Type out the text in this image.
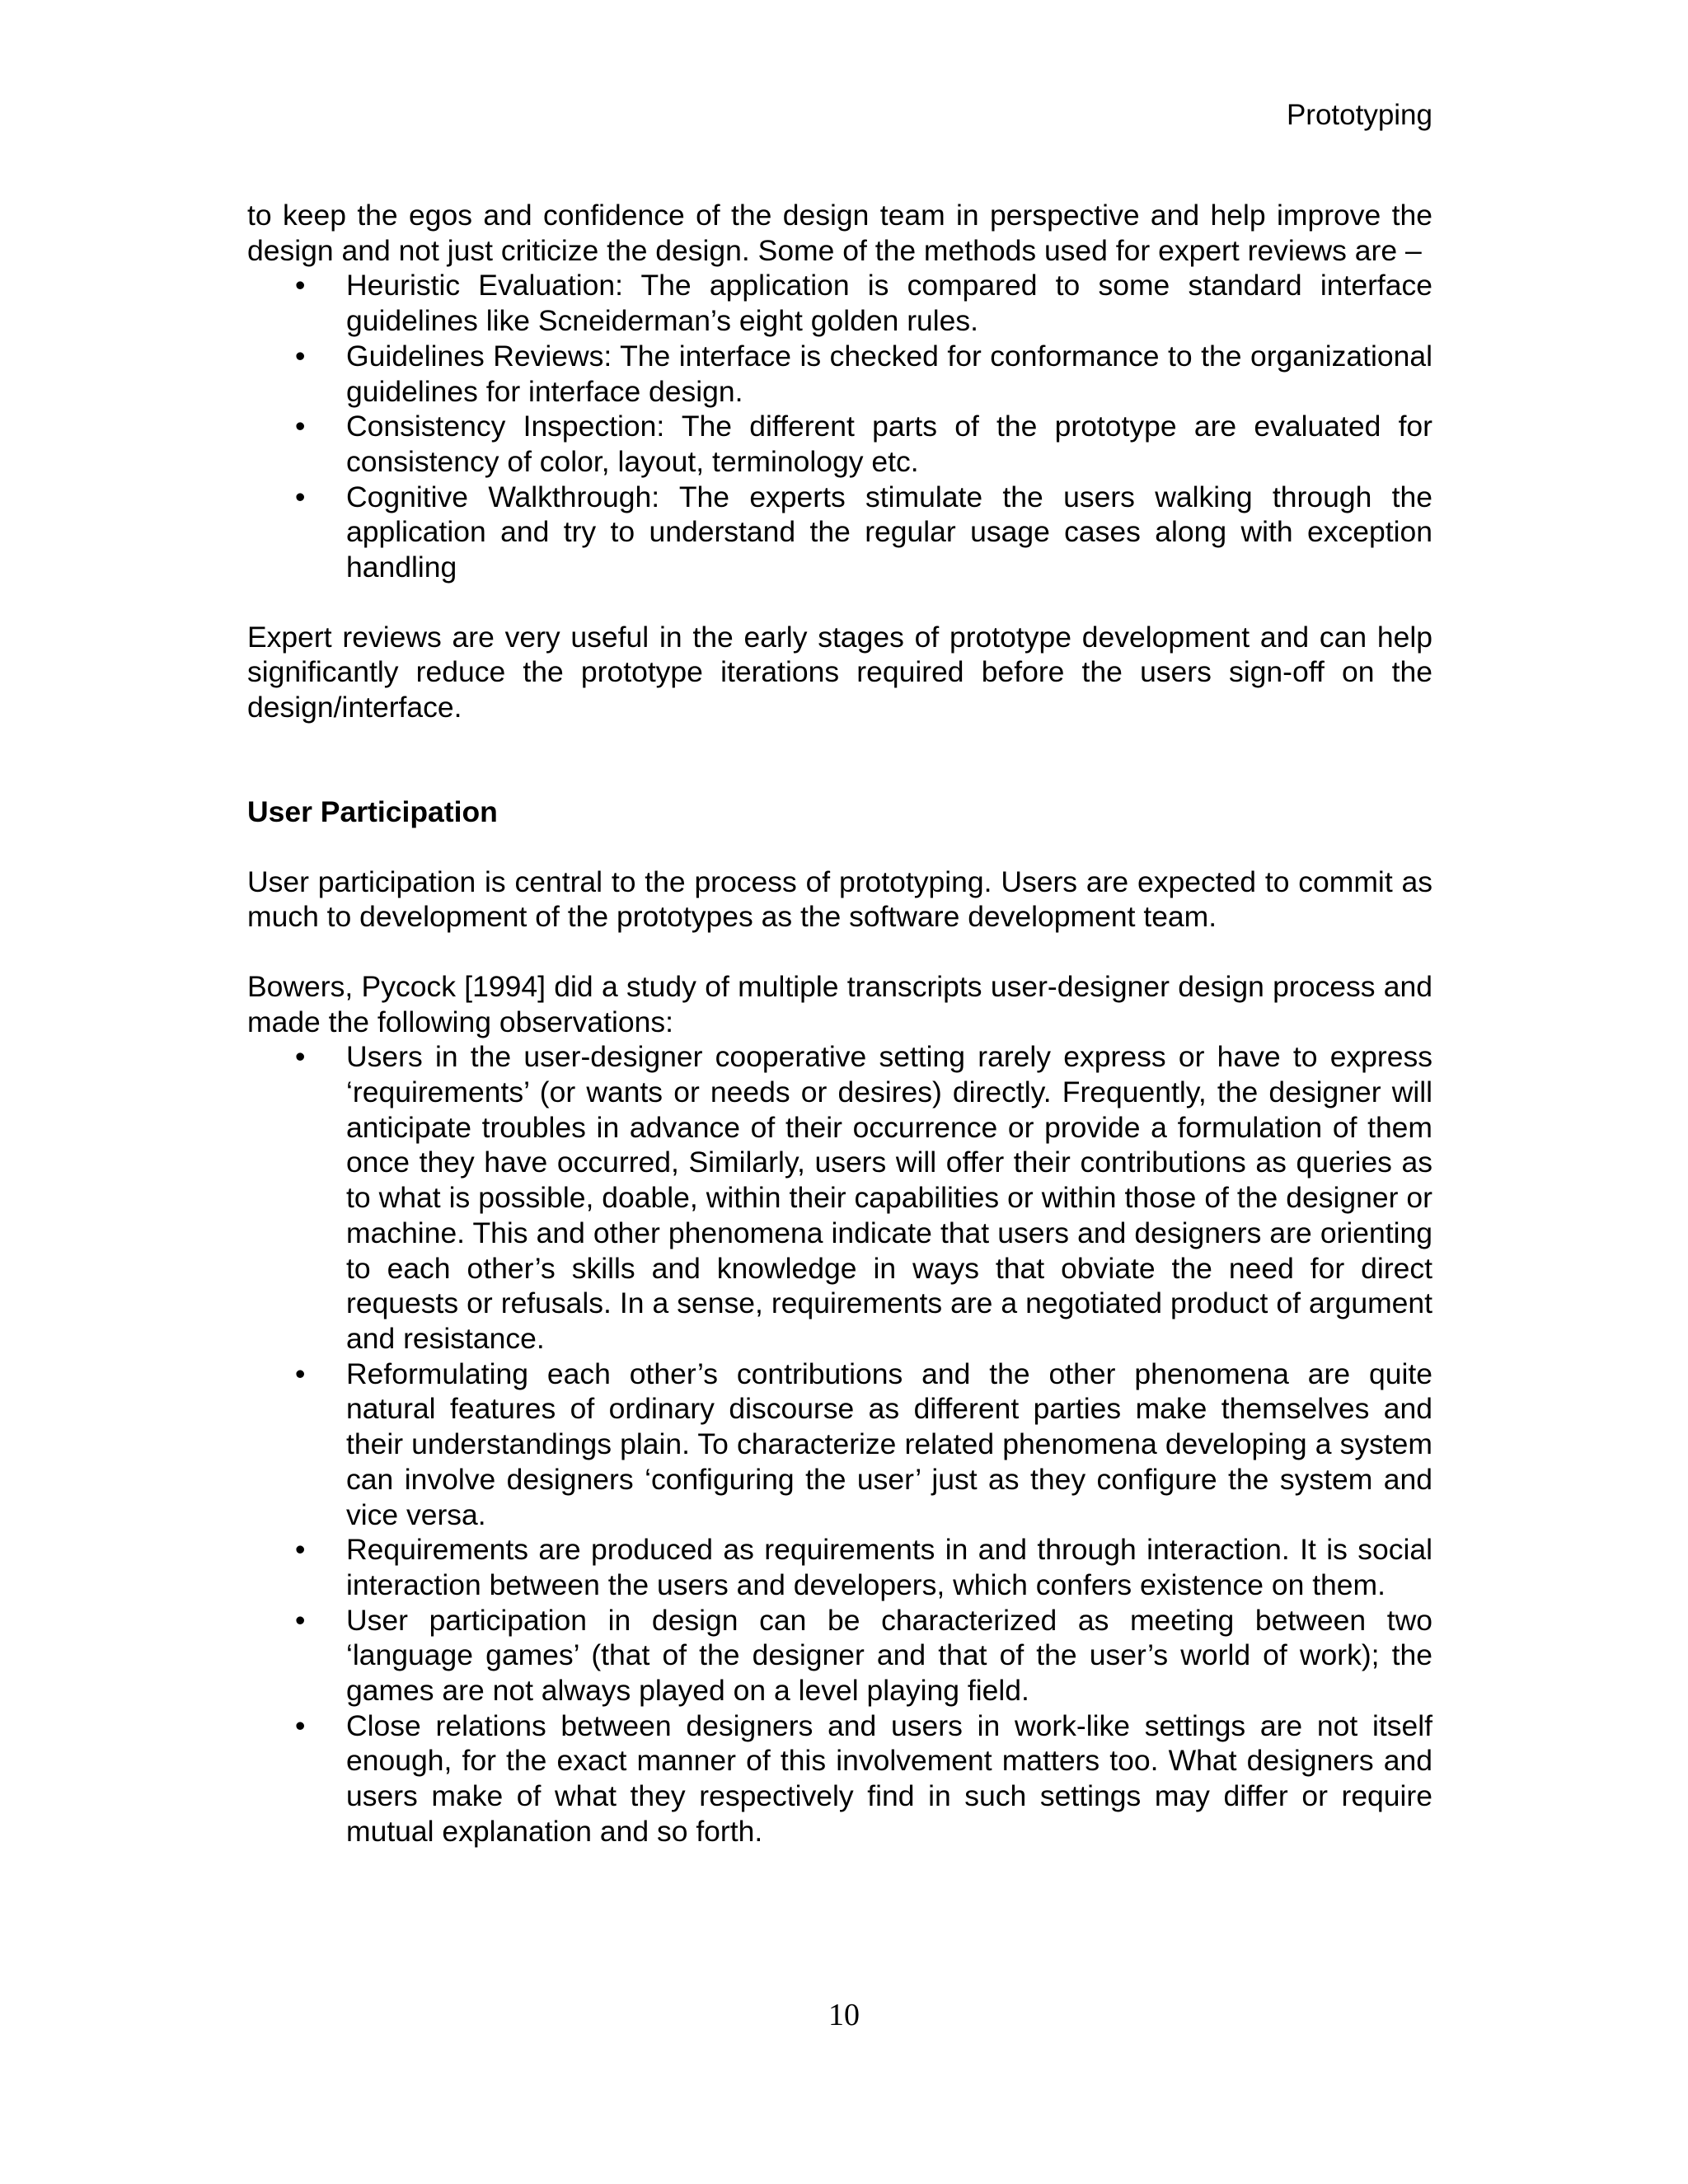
Prototyping

to keep the egos and confidence of the design team in perspective and help improve the design and not just criticize the design. Some of the methods used for expert reviews are –

• Heuristic Evaluation: The application is compared to some standard interface guidelines like Scneiderman’s eight golden rules.
• Guidelines Reviews: The interface is checked for conformance to the organizational guidelines for interface design.
• Consistency Inspection: The different parts of the prototype are evaluated for consistency of color, layout, terminology etc.
• Cognitive Walkthrough: The experts stimulate the users walking through the application and try to understand the regular usage cases along with exception handling

Expert reviews are very useful in the early stages of prototype development and can help significantly reduce the prototype iterations required before the users sign-off on the design/interface.

User Participation

User participation is central to the process of prototyping. Users are expected to commit as much to development of the prototypes as the software development team.

Bowers, Pycock [1994] did a study of multiple transcripts user-designer design process and made the following observations:

• Users in the user-designer cooperative setting rarely express or have to express ‘requirements’ (or wants or needs or desires) directly. Frequently, the designer will anticipate troubles in advance of their occurrence or provide a formulation of them once they have occurred, Similarly, users will offer their contributions as queries as to what is possible, doable, within their capabilities or within those of the designer or machine. This and other phenomena indicate that users and designers are orienting to each other’s skills and knowledge in ways that obviate the need for direct requests or refusals. In a sense, requirements are a negotiated product of argument and resistance.
• Reformulating each other’s contributions and the other phenomena are quite natural features of ordinary discourse as different parties make themselves and their understandings plain. To characterize related phenomena developing a system can involve designers ‘configuring the user’ just as they configure the system and vice versa.
• Requirements are produced as requirements in and through interaction. It is social interaction between the users and developers, which confers existence on them.
• User participation in design can be characterized as meeting between two ‘language games’ (that of the designer and that of the user’s world of work); the games are not always played on a level playing field.
• Close relations between designers and users in work-like settings are not itself enough, for the exact manner of this involvement matters too. What designers and users make of what they respectively find in such settings may differ or require mutual explanation and so forth.
10
